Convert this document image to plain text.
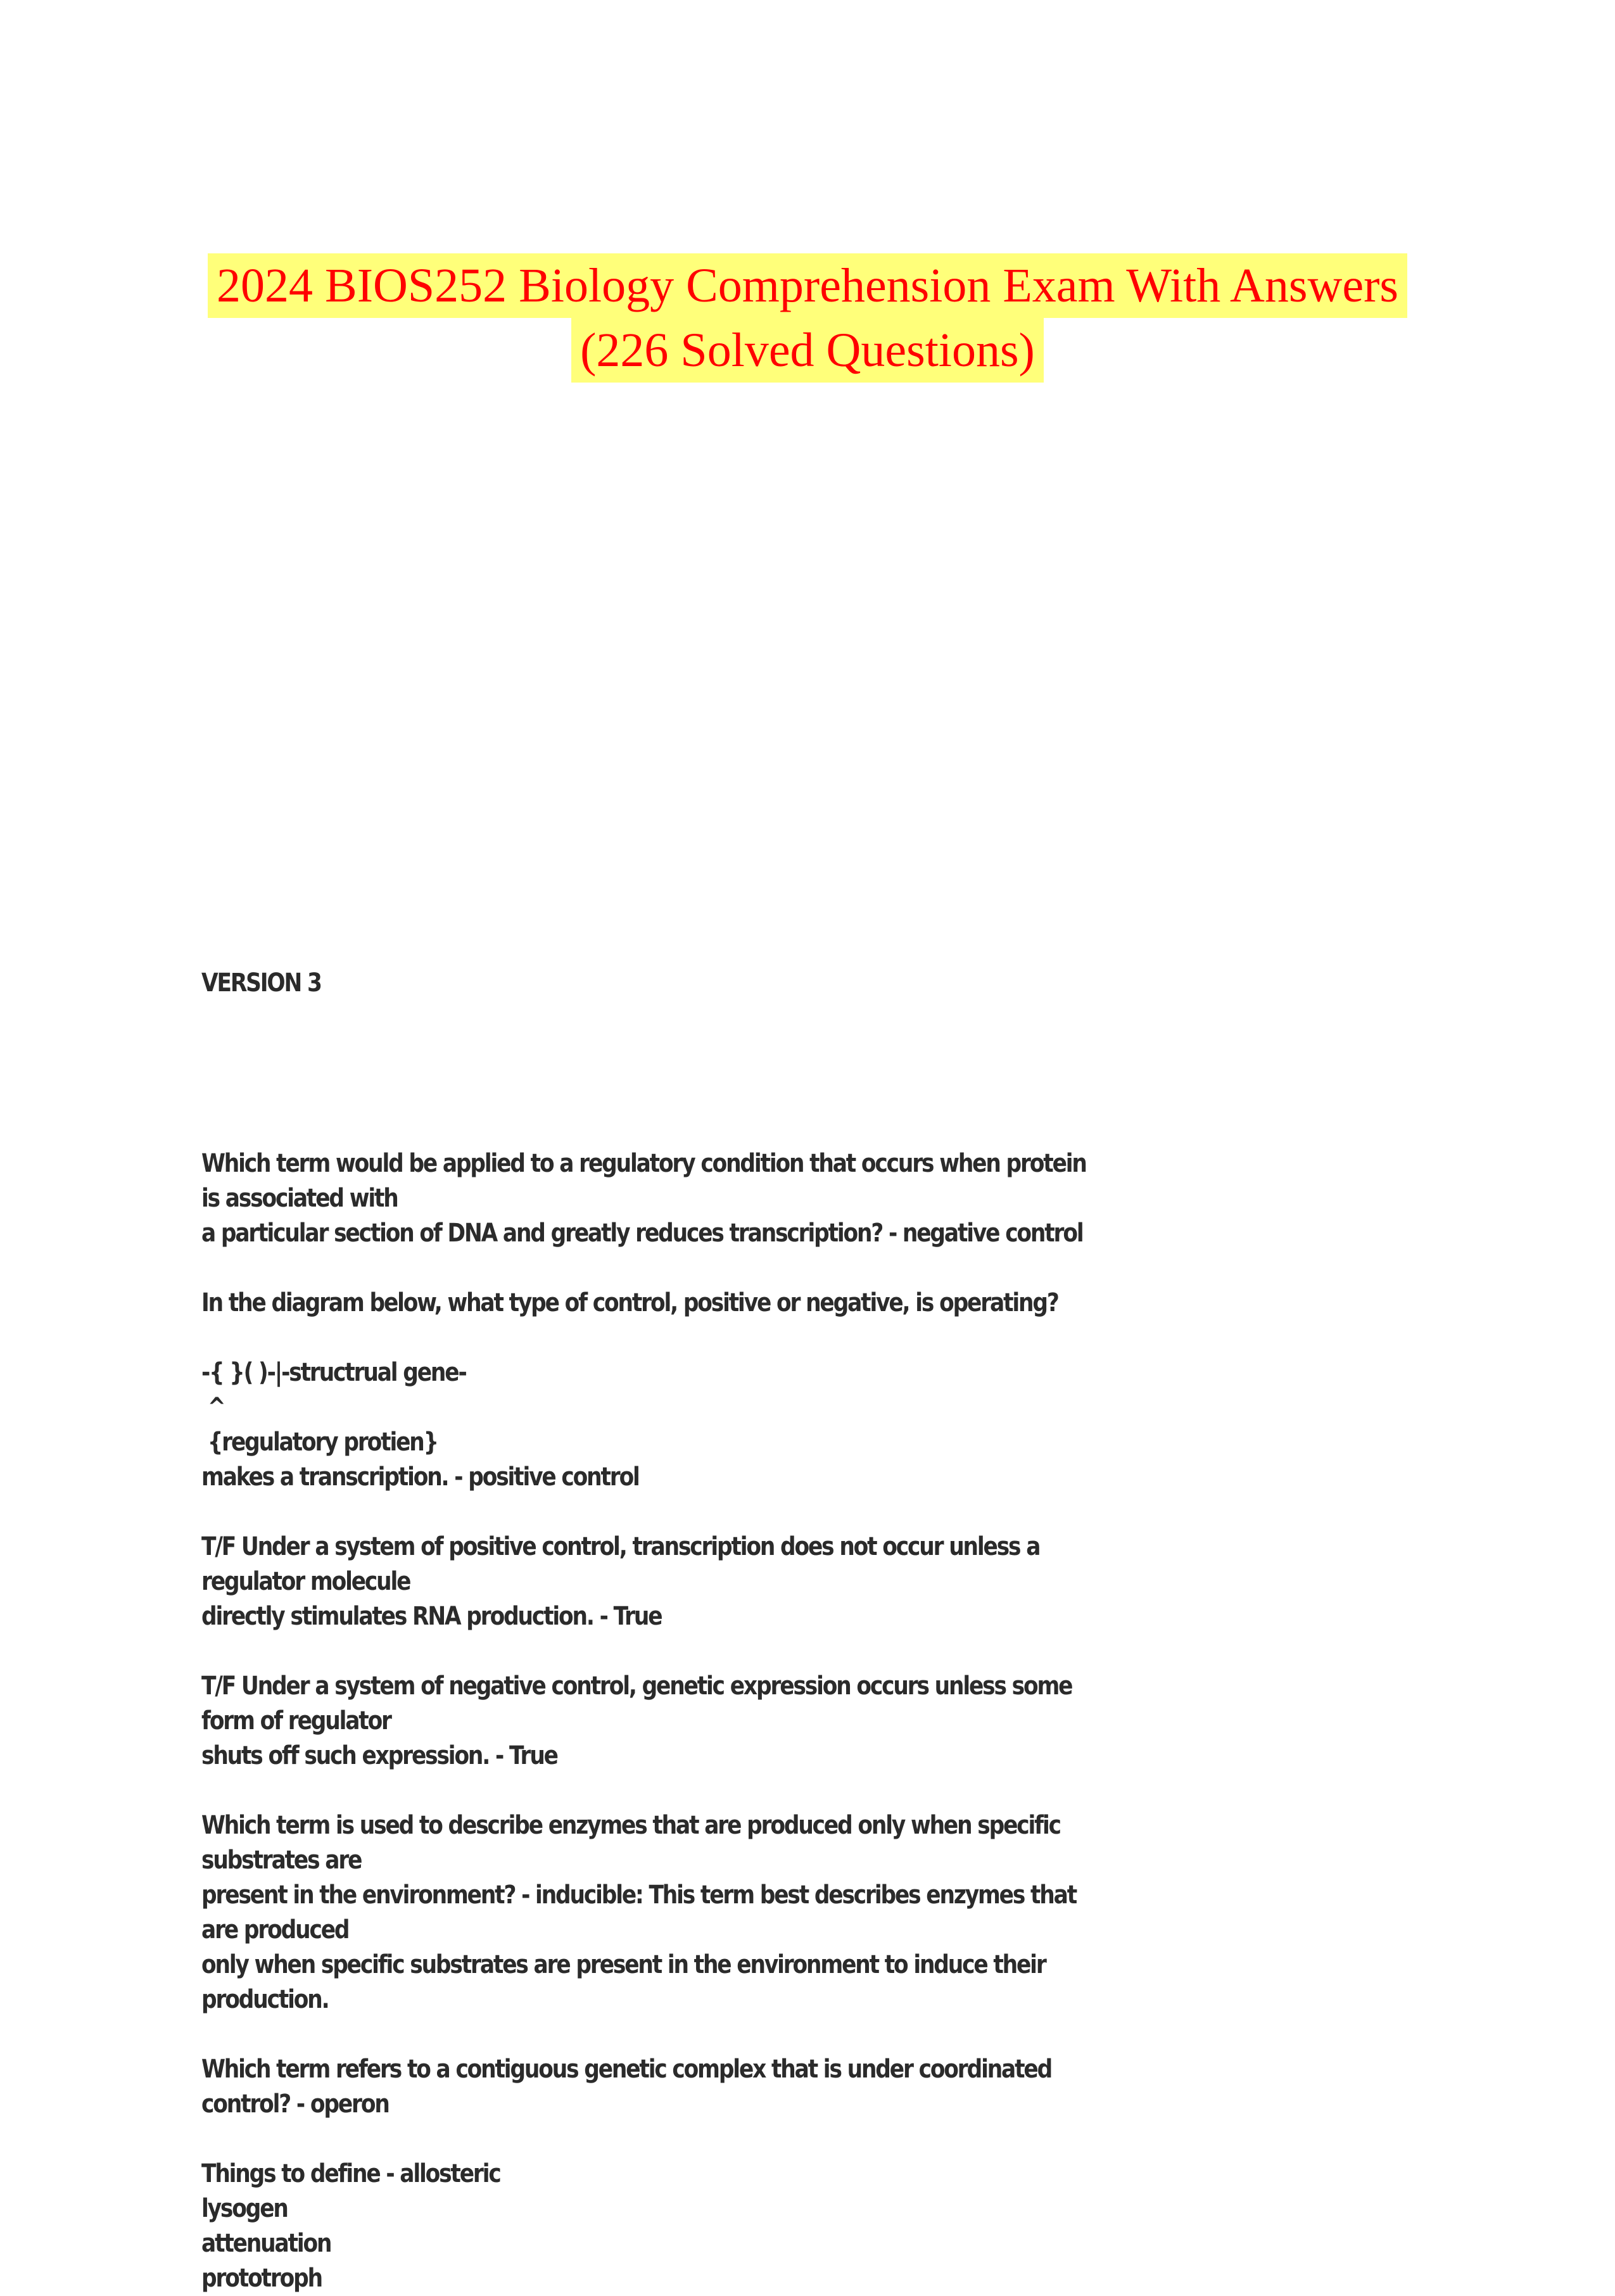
2024 BIOS252 Biology Comprehension Exam With Answers
(226 Solved Questions)
VERSION 3
Which term would be applied to a regulatory condition that occurs when protein is associated with
a particular section of DNA and greatly reduces transcription? - negative control
In the diagram below, what type of control, positive or negative, is operating?
-{ }( )-|-structrual gene-
^
{regulatory protien}
makes a transcription. - positive control
T/F Under a system of positive control, transcription does not occur unless a regulator molecule
directly stimulates RNA production. - True
T/F Under a system of negative control, genetic expression occurs unless some form of regulator
shuts off such expression. - True
Which term is used to describe enzymes that are produced only when specific substrates are
present in the environment? - inducible: This term best describes enzymes that are produced
only when specific substrates are present in the environment to induce their production.
Which term refers to a contiguous genetic complex that is under coordinated control? - operon
Things to define - allosteric
lysogen
attenuation
prototroph
